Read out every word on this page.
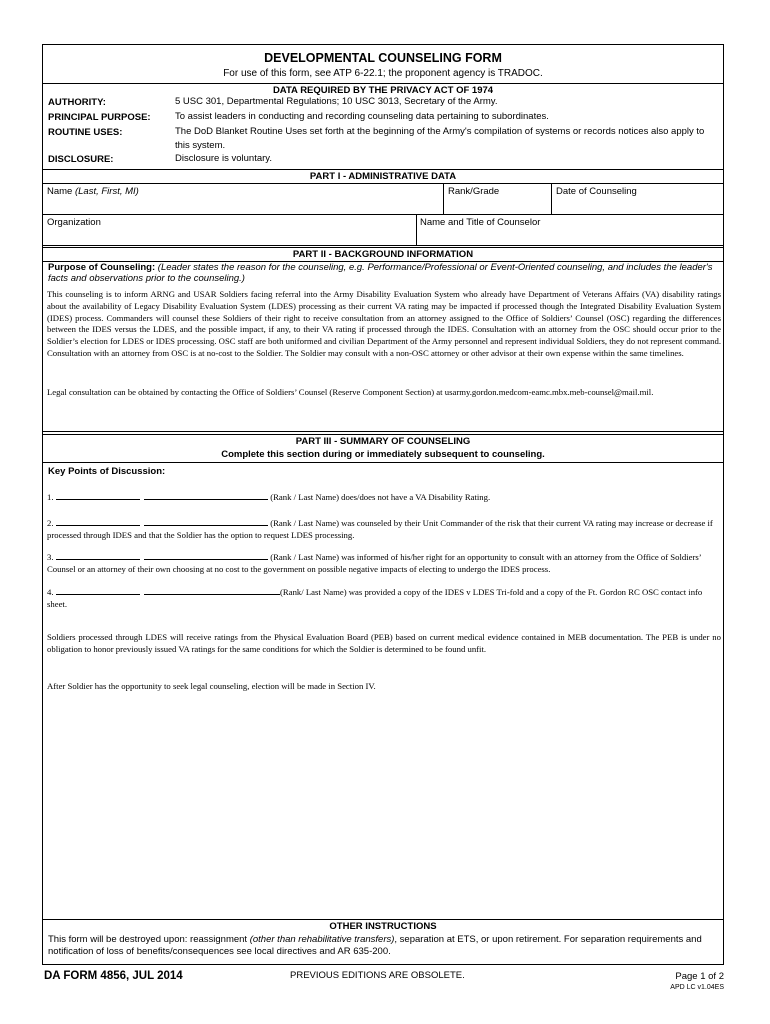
DEVELOPMENTAL COUNSELING FORM
For use of this form, see ATP 6-22.1; the proponent agency is TRADOC.
DATA REQUIRED BY THE PRIVACY ACT OF 1974
AUTHORITY:	5 USC 301, Departmental Regulations; 10 USC 3013, Secretary of the Army.
PRINCIPAL PURPOSE:	To assist leaders in conducting and recording counseling data pertaining to subordinates.
ROUTINE USES:	The DoD Blanket Routine Uses set forth at the beginning of the Army's compilation of systems or records notices also apply to this system.
DISCLOSURE:	Disclosure is voluntary.
PART I - ADMINISTRATIVE DATA
Name (Last, First, MI)	Rank/Grade	Date of Counseling
Organization	Name and Title of Counselor
PART II - BACKGROUND INFORMATION
Purpose of Counseling: (Leader states the reason for the counseling, e.g. Performance/Professional or Event-Oriented counseling, and includes the leader's facts and observations prior to the counseling.)
This counseling is to inform ARNG and USAR Soldiers facing referral into the Army Disability Evaluation System who already have Department of Veterans Affairs (VA) disability ratings about the availability of Legacy Disability Evaluation System (LDES) processing as their current VA rating may be impacted if processed though the Integrated Disability Evaluation System (IDES) process. Commanders will counsel these Soldiers of their right to receive consultation from an attorney assigned to the Office of Soldiers’ Counsel (OSC) regarding the differences between the IDES versus the LDES, and the possible impact, if any, to their VA rating if processed through the IDES. Consultation with an attorney from the OSC should occur prior to the Soldier’s election for LDES or IDES processing. OSC staff are both uniformed and civilian Department of the Army personnel and represent individual Soldiers, they do not represent command. Consultation with an attorney from OSC is at no-cost to the Soldier. The Soldier may consult with a non-OSC attorney or other advisor at their own expense within the same timelines.
Legal consultation can be obtained by contacting the Office of Soldiers’ Counsel (Reserve Component Section) at usarmy.gordon.medcom-eamc.mbx.meb-counsel@mail.mil.
PART III - SUMMARY OF COUNSELING
Complete this section during or immediately subsequent to counseling.
Key Points of Discussion:
1.	(Rank / Last Name) does/does not have a VA Disability Rating.
2.	(Rank / Last Name) was counseled by their Unit Commander of the risk that their current VA rating may increase or decrease if processed through IDES and that the Soldier has the option to request LDES processing.
3.	(Rank / Last Name) was informed of his/her right for an opportunity to consult with an attorney from the Office of Soldiers’ Counsel or an attorney of their own choosing at no cost to the government on possible negative impacts of electing to undergo the IDES process.
4.	(Rank/ Last Name) was provided a copy of the IDES v LDES Tri-fold and a copy of the Ft. Gordon RC OSC contact info sheet.
Soldiers processed through LDES will receive ratings from the Physical Evaluation Board (PEB) based on current medical evidence contained in MEB documentation. The PEB is under no obligation to honor previously issued VA ratings for the same conditions for which the Soldier is determined to be found unfit.
After Soldier has the opportunity to seek legal counseling, election will be made in Section IV.
OTHER INSTRUCTIONS
This form will be destroyed upon: reassignment (other than rehabilitative transfers), separation at ETS, or upon retirement. For separation requirements and notification of loss of benefits/consequences see local directives and AR 635-200.
DA FORM 4856, JUL 2014	PREVIOUS EDITIONS ARE OBSOLETE.	Page 1 of 2
APD LC v1.04ES
